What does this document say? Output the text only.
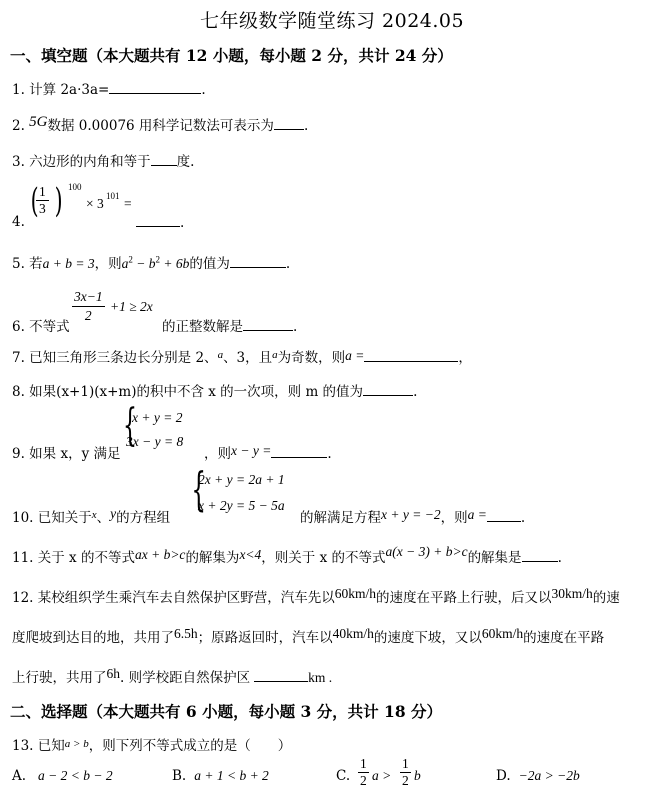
七年级数学随堂练习 2024.05
一、填空题（本大题共有 12 小题，每小题 2 分，共计 24 分）
1. 计算 2a·3a=	.
2. 5G数据 0.00076 用科学记数法可表示为 .
3. 六边形的内角和等于 度.
4.
(
$\frac{1}{3}$ ) 100
× 3 101 =
.
5. 若a + b = 3，则$a^2 - b^2 + 6b$的值为	.
6. 不等式
$\frac{3x-1}{2} +1 \ge 2x$
的正整数解是	.
7. 已知三角形三条边长分别是 2、$^a$、3，且$^a$为奇数，则a =	，
8. 如果(x+1)(x+m)的积中不含 x 的一次项，则 m 的值为	.
9. 如果 x，y 满足
{
x + y = 2
3x − y = 8
，则x − y =	.
10. 已知关于$^x$、y的方程组
{
2x + y = 2a + 1
x + 2y = 5 − 5a
的解满足方程x + y = −2，则a =	.
11. 关于 x 的不等式ax + b>c的解集为x<4，则关于 x 的不等式a(x − 3) + b>c的解集是	.
12. 某校组织学生乘汽车去自然保护区野营，汽车先以60km/h的速度在平路上行驶，后又以30km/h的速
度爬坡到达目的地，共用了6.5h；原路返回时，汽车以40km/h的速度下坡，又以60km/h的速度在平路
上行驶，共用了6h. 则学校距自然保护区	km .
二、选择题（本大题共有 6 小题，每小题 3 分，共计 18 分）
13. 已知$^{a > b}$，则下列不等式成立的是（　　）
A. a − 2 < b − 2	B. a + 1 < b + 2	C. $\frac{1}{2}$ $a > \frac{1}{2}$ b	D. −2a > −2b
